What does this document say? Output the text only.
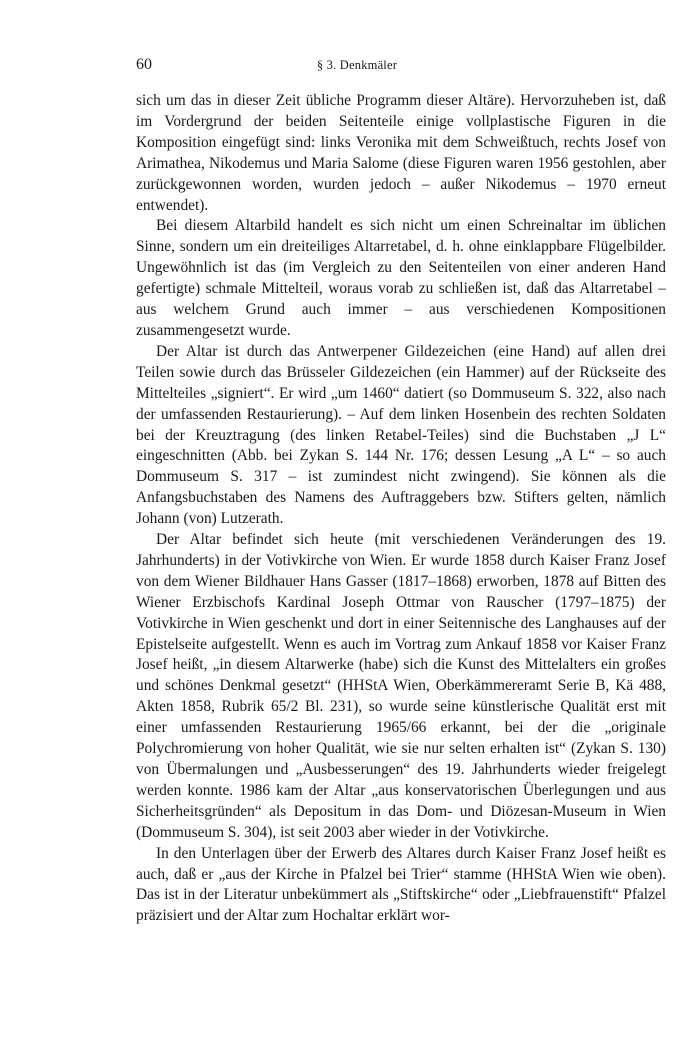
60	§ 3. Denkmäler

sich um das in dieser Zeit übliche Programm dieser Altäre). Hervorzuheben ist, daß im Vordergrund der beiden Seitenteile einige vollplastische Figuren in die Komposition eingefügt sind: links Veronika mit dem Schweißtuch, rechts Josef von Arimathea, Nikodemus und Maria Salome (diese Figuren waren 1956 gestohlen, aber zurückgewonnen worden, wurden jedoch – außer Nikodemus – 1970 erneut entwendet).

Bei diesem Altarbild handelt es sich nicht um einen Schreinaltar im üblichen Sinne, sondern um ein dreiteiliges Altarretabel, d. h. ohne einklappbare Flügelbilder. Ungewöhnlich ist das (im Vergleich zu den Seitenteilen von einer anderen Hand gefertigte) schmale Mittelteil, woraus vorab zu schließen ist, daß das Altarretabel – aus welchem Grund auch immer – aus verschiedenen Kompositionen zusammengesetzt wurde.

Der Altar ist durch das Antwerpener Gildezeichen (eine Hand) auf allen drei Teilen sowie durch das Brüsseler Gildezeichen (ein Hammer) auf der Rückseite des Mittelteiles „signiert“. Er wird „um 1460“ datiert (so Dommuseum S. 322, also nach der umfassenden Restaurierung). – Auf dem linken Hosenbein des rechten Soldaten bei der Kreuztragung (des linken Retabel-Teiles) sind die Buchstaben „J L“ eingeschnitten (Abb. bei Zykan S. 144 Nr. 176; dessen Lesung „A L“ – so auch Dommuseum S. 317 – ist zumindest nicht zwingend). Sie können als die Anfangsbuchstaben des Namens des Auftraggebers bzw. Stifters gelten, nämlich Johann (von) Lutzerath.

Der Altar befindet sich heute (mit verschiedenen Veränderungen des 19. Jahrhunderts) in der Votivkirche von Wien. Er wurde 1858 durch Kaiser Franz Josef von dem Wiener Bildhauer Hans Gasser (1817–1868) erworben, 1878 auf Bitten des Wiener Erzbischofs Kardinal Joseph Ottmar von Rauscher (1797–1875) der Votivkirche in Wien geschenkt und dort in einer Seitennische des Langhauses auf der Epistelseite aufgestellt. Wenn es auch im Vortrag zum Ankauf 1858 vor Kaiser Franz Josef heißt, „in diesem Altarwerke (habe) sich die Kunst des Mittelalters ein großes und schönes Denkmal gesetzt“ (HHStA Wien, Oberkämmereramt Serie B, Kä 488, Akten 1858, Rubrik 65/2 Bl. 231), so wurde seine künstlerische Qualität erst mit einer umfassenden Restaurierung 1965/66 erkannt, bei der die „originale Polychromierung von hoher Qualität, wie sie nur selten erhalten ist“ (Zykan S. 130) von Übermalungen und „Ausbesserungen“ des 19. Jahrhunderts wieder freigelegt werden konnte. 1986 kam der Altar „aus konservatorischen Überlegungen und aus Sicherheitsgründen“ als Depositum in das Dom- und Diözesan-Museum in Wien (Dommuseum S. 304), ist seit 2003 aber wieder in der Votivkirche.

In den Unterlagen über der Erwerb des Altares durch Kaiser Franz Josef heißt es auch, daß er „aus der Kirche in Pfalzel bei Trier“ stamme (HHStA Wien wie oben). Das ist in der Literatur unbekümmert als „Stiftskirche“ oder „Liebfrauenstift“ Pfalzel präzisiert und der Altar zum Hochaltar erklärt wor-
